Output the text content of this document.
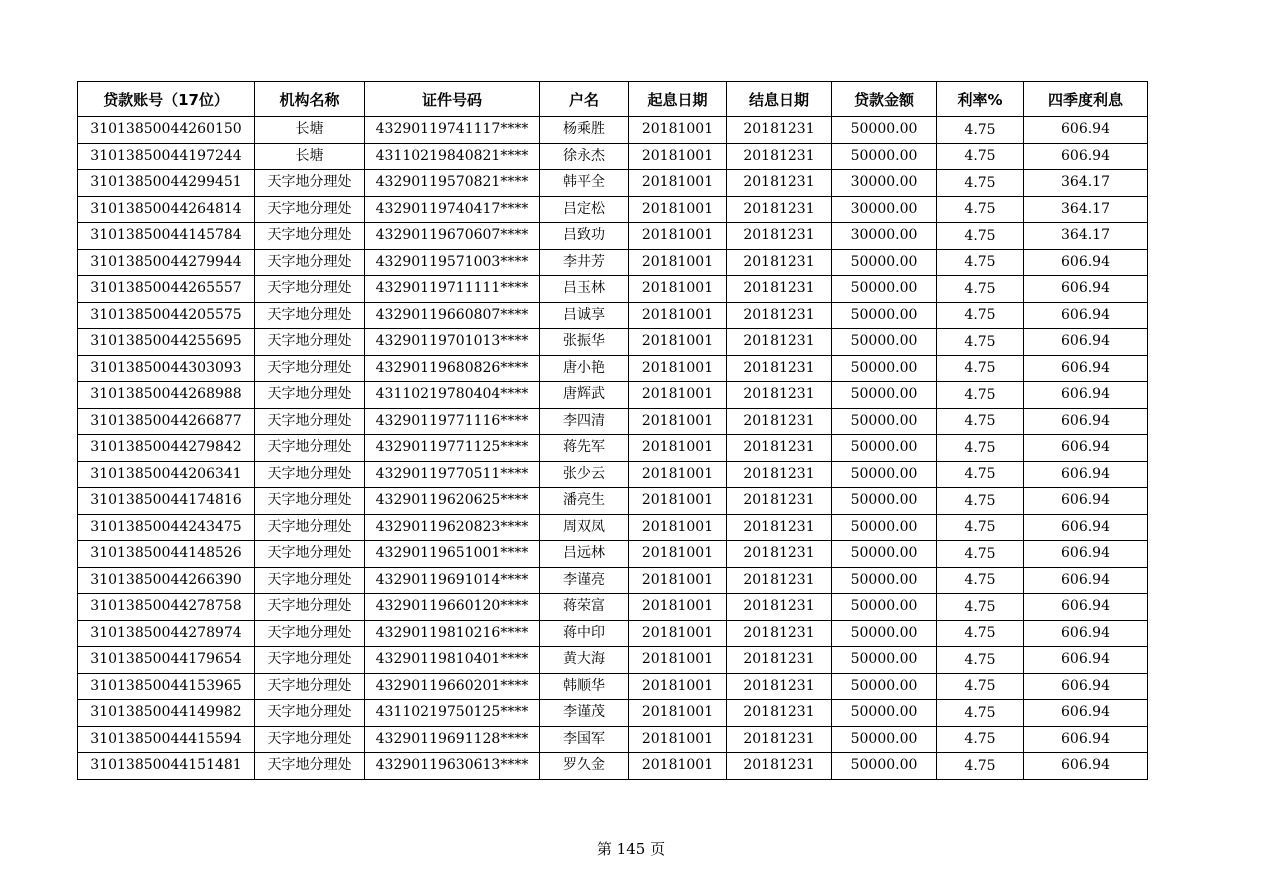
贷款账号（17位）	机构名称	证件号码	户名	起息日期	结息日期	贷款金额	利率%	四季度利息
31013850044260150	长塘	43290119741117****	杨乘胜	20181001	20181231	50000.00	4.75	606.94
31013850044197244	长塘	43110219840821****	徐永杰	20181001	20181231	50000.00	4.75	606.94
31013850044299451	天字地分理处	43290119570821****	韩平全	20181001	20181231	30000.00	4.75	364.17
31013850044264814	天字地分理处	43290119740417****	吕定松	20181001	20181231	30000.00	4.75	364.17
31013850044145784	天字地分理处	43290119670607****	吕致功	20181001	20181231	30000.00	4.75	364.17
31013850044279944	天字地分理处	43290119571003****	李井芳	20181001	20181231	50000.00	4.75	606.94
31013850044265557	天字地分理处	43290119711111****	吕玉林	20181001	20181231	50000.00	4.75	606.94
31013850044205575	天字地分理处	43290119660807****	吕诚享	20181001	20181231	50000.00	4.75	606.94
31013850044255695	天字地分理处	43290119701013****	张振华	20181001	20181231	50000.00	4.75	606.94
31013850044303093	天字地分理处	43290119680826****	唐小艳	20181001	20181231	50000.00	4.75	606.94
31013850044268988	天字地分理处	43110219780404****	唐辉武	20181001	20181231	50000.00	4.75	606.94
31013850044266877	天字地分理处	43290119771116****	李四清	20181001	20181231	50000.00	4.75	606.94
31013850044279842	天字地分理处	43290119771125****	蒋先军	20181001	20181231	50000.00	4.75	606.94
31013850044206341	天字地分理处	43290119770511****	张少云	20181001	20181231	50000.00	4.75	606.94
31013850044174816	天字地分理处	43290119620625****	潘亮生	20181001	20181231	50000.00	4.75	606.94
31013850044243475	天字地分理处	43290119620823****	周双凤	20181001	20181231	50000.00	4.75	606.94
31013850044148526	天字地分理处	43290119651001****	吕远林	20181001	20181231	50000.00	4.75	606.94
31013850044266390	天字地分理处	43290119691014****	李谨亮	20181001	20181231	50000.00	4.75	606.94
31013850044278758	天字地分理处	43290119660120****	蒋荣富	20181001	20181231	50000.00	4.75	606.94
31013850044278974	天字地分理处	43290119810216****	蒋中印	20181001	20181231	50000.00	4.75	606.94
31013850044179654	天字地分理处	43290119810401****	黄大海	20181001	20181231	50000.00	4.75	606.94
31013850044153965	天字地分理处	43290119660201****	韩顺华	20181001	20181231	50000.00	4.75	606.94
31013850044149982	天字地分理处	43110219750125****	李谨茂	20181001	20181231	50000.00	4.75	606.94
31013850044415594	天字地分理处	43290119691128****	李国军	20181001	20181231	50000.00	4.75	606.94
31013850044151481	天字地分理处	43290119630613****	罗久金	20181001	20181231	50000.00	4.75	606.94
第 145 页
